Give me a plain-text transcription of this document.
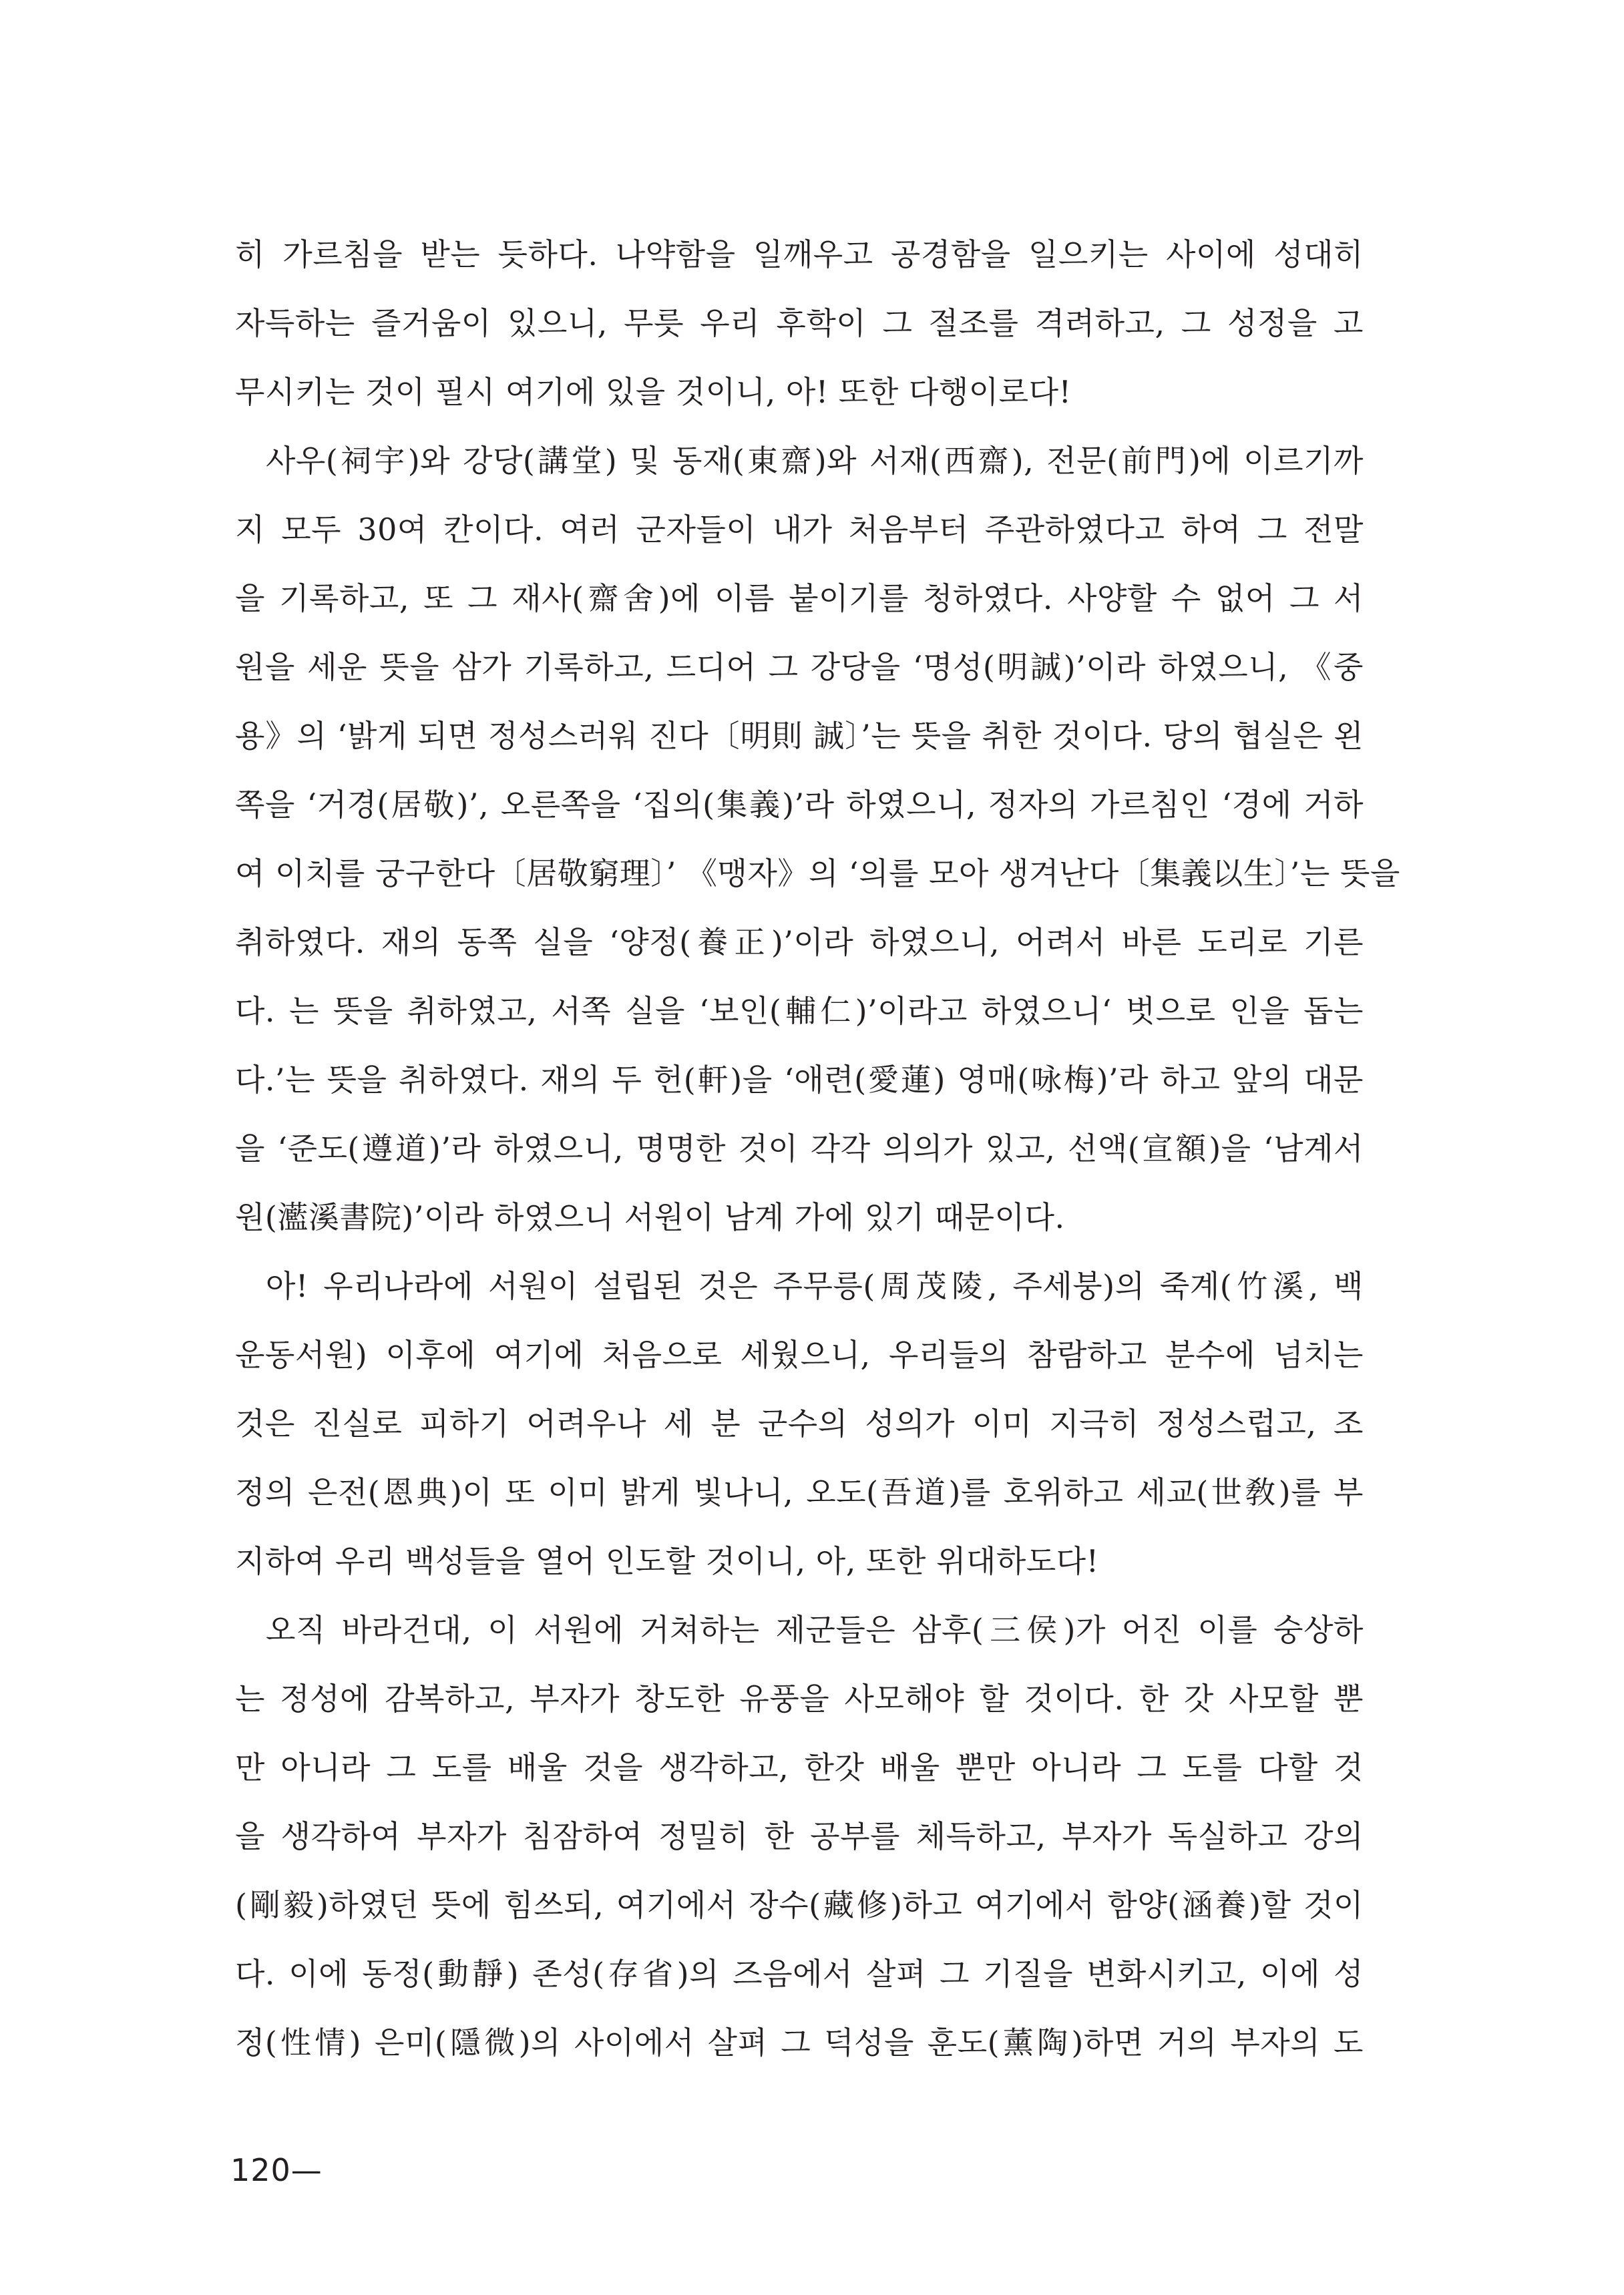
히 가르침을 받는 듯하다. 나약함을 일깨우고 공경함을 일으키는 사이에 성대히
자득하는 즐거움이 있으니, 무릇 우리 후학이 그 절조를 격려하고, 그 성정을 고
무시키는 것이 필시 여기에 있을 것이니, 아! 또한 다행이로다!
사우(祠宇)와 강당(講堂) 및 동재(東齋)와 서재(西齋), 전문(前門)에 이르기까
지 모두 30여 칸이다. 여러 군자들이 내가 처음부터 주관하였다고 하여 그 전말
을 기록하고, 또 그 재사(齋舍)에 이름 붙이기를 청하였다. 사양할 수 없어 그 서
원을 세운 뜻을 삼가 기록하고, 드디어 그 강당을 ‘명성(明誠)’이라 하였으니, 《중
용》의 ‘밝게 되면 정성스러워 진다〔明則 誠〕’는 뜻을 취한 것이다. 당의 협실은 왼
쪽을 ‘거경(居敬)’, 오른쪽을 ‘집의(集義)’라 하였으니, 정자의 가르침인 ‘경에 거하
여 이치를 궁구한다〔居敬窮理〕’ 《맹자》의 ‘의를 모아 생겨난다〔集義以生〕’는 뜻을
취하였다. 재의 동쪽 실을 ‘양정(養正)’이라 하였으니, 어려서 바른 도리로 기른
다. 는 뜻을 취하였고, 서쪽 실을 ‘보인(輔仁)’이라고 하였으니‘ 벗으로 인을 돕는
다.’는 뜻을 취하였다. 재의 두 헌(軒)을 ‘애련(愛蓮) 영매(咏梅)’라 하고 앞의 대문
을 ‘준도(遵道)’라 하였으니, 명명한 것이 각각 의의가 있고, 선액(宣額)을 ‘남계서
원(灆溪書院)’이라 하였으니 서원이 남계 가에 있기 때문이다.
아! 우리나라에 서원이 설립된 것은 주무릉(周茂陵, 주세붕)의 죽계(竹溪, 백
운동서원) 이후에 여기에 처음으로 세웠으니, 우리들의 참람하고 분수에 넘치는
것은 진실로 피하기 어려우나 세 분 군수의 성의가 이미 지극히 정성스럽고, 조
정의 은전(恩典)이 또 이미 밝게 빛나니, 오도(吾道)를 호위하고 세교(世敎)를 부
지하여 우리 백성들을 열어 인도할 것이니, 아, 또한 위대하도다!
오직 바라건대, 이 서원에 거쳐하는 제군들은 삼후(三侯)가 어진 이를 숭상하
는 정성에 감복하고, 부자가 창도한 유풍을 사모해야 할 것이다. 한 갓 사모할 뿐
만 아니라 그 도를 배울 것을 생각하고, 한갓 배울 뿐만 아니라 그 도를 다할 것
을 생각하여 부자가 침잠하여 정밀히 한 공부를 체득하고, 부자가 독실하고 강의
(剛毅)하였던 뜻에 힘쓰되, 여기에서 장수(藏修)하고 여기에서 함양(涵養)할 것이
다. 이에 동정(動靜) 존성(存省)의 즈음에서 살펴 그 기질을 변화시키고, 이에 성
정(性情) 은미(隱微)의 사이에서 살펴 그 덕성을 훈도(薰陶)하면 거의 부자의 도
120—
